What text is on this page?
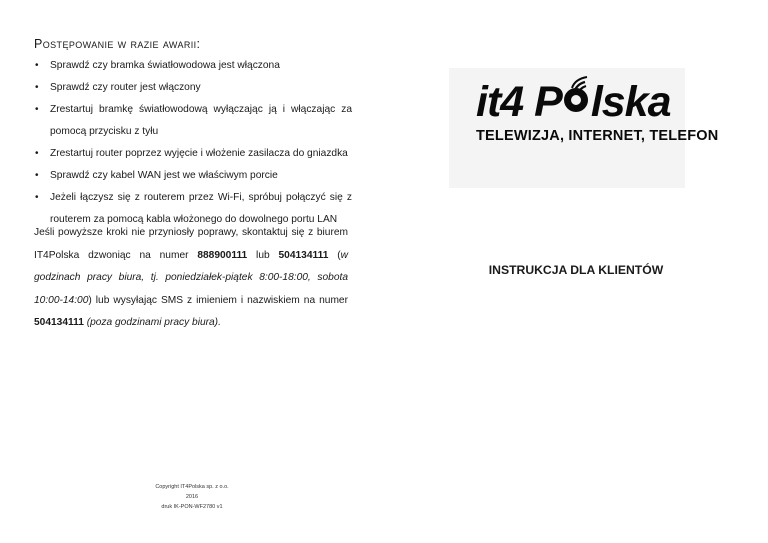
Postępowanie w razie awarii:
• Sprawdź czy bramka światłowodowa jest włączona
• Sprawdź czy router jest włączony
• Zrestartuj bramkę światłowodową wyłączając ją i włączając za pomocą przycisku z tyłu
• Zrestartuj router poprzez wyjęcie i włożenie zasilacza do gniazdka
• Sprawdź czy kabel WAN jest we właściwym porcie
• Jeżeli łączysz się z routerem przez Wi-Fi, spróbuj połączyć się z routerem za pomocą kabla włożonego do dowolnego portu LAN
Jeśli powyższe kroki nie przyniosły poprawy, skontaktuj się z biurem IT4Polska dzwoniąc na numer 888900111 lub 504134111 (w godzinach pracy biura, tj. poniedziałek-piątek 8:00-18:00, sobota 10:00-14:00) lub wysyłając SMS z imieniem i nazwiskiem na numer 504134111 (poza godzinami pracy biura).
Copyright IT4Polska sp. z o.o.
2016
druk IK-PON-WF2780 v1
it4 P lska
TELEWIZJA, INTERNET, TELEFON
INSTRUKCJA DLA KLIENTÓW
